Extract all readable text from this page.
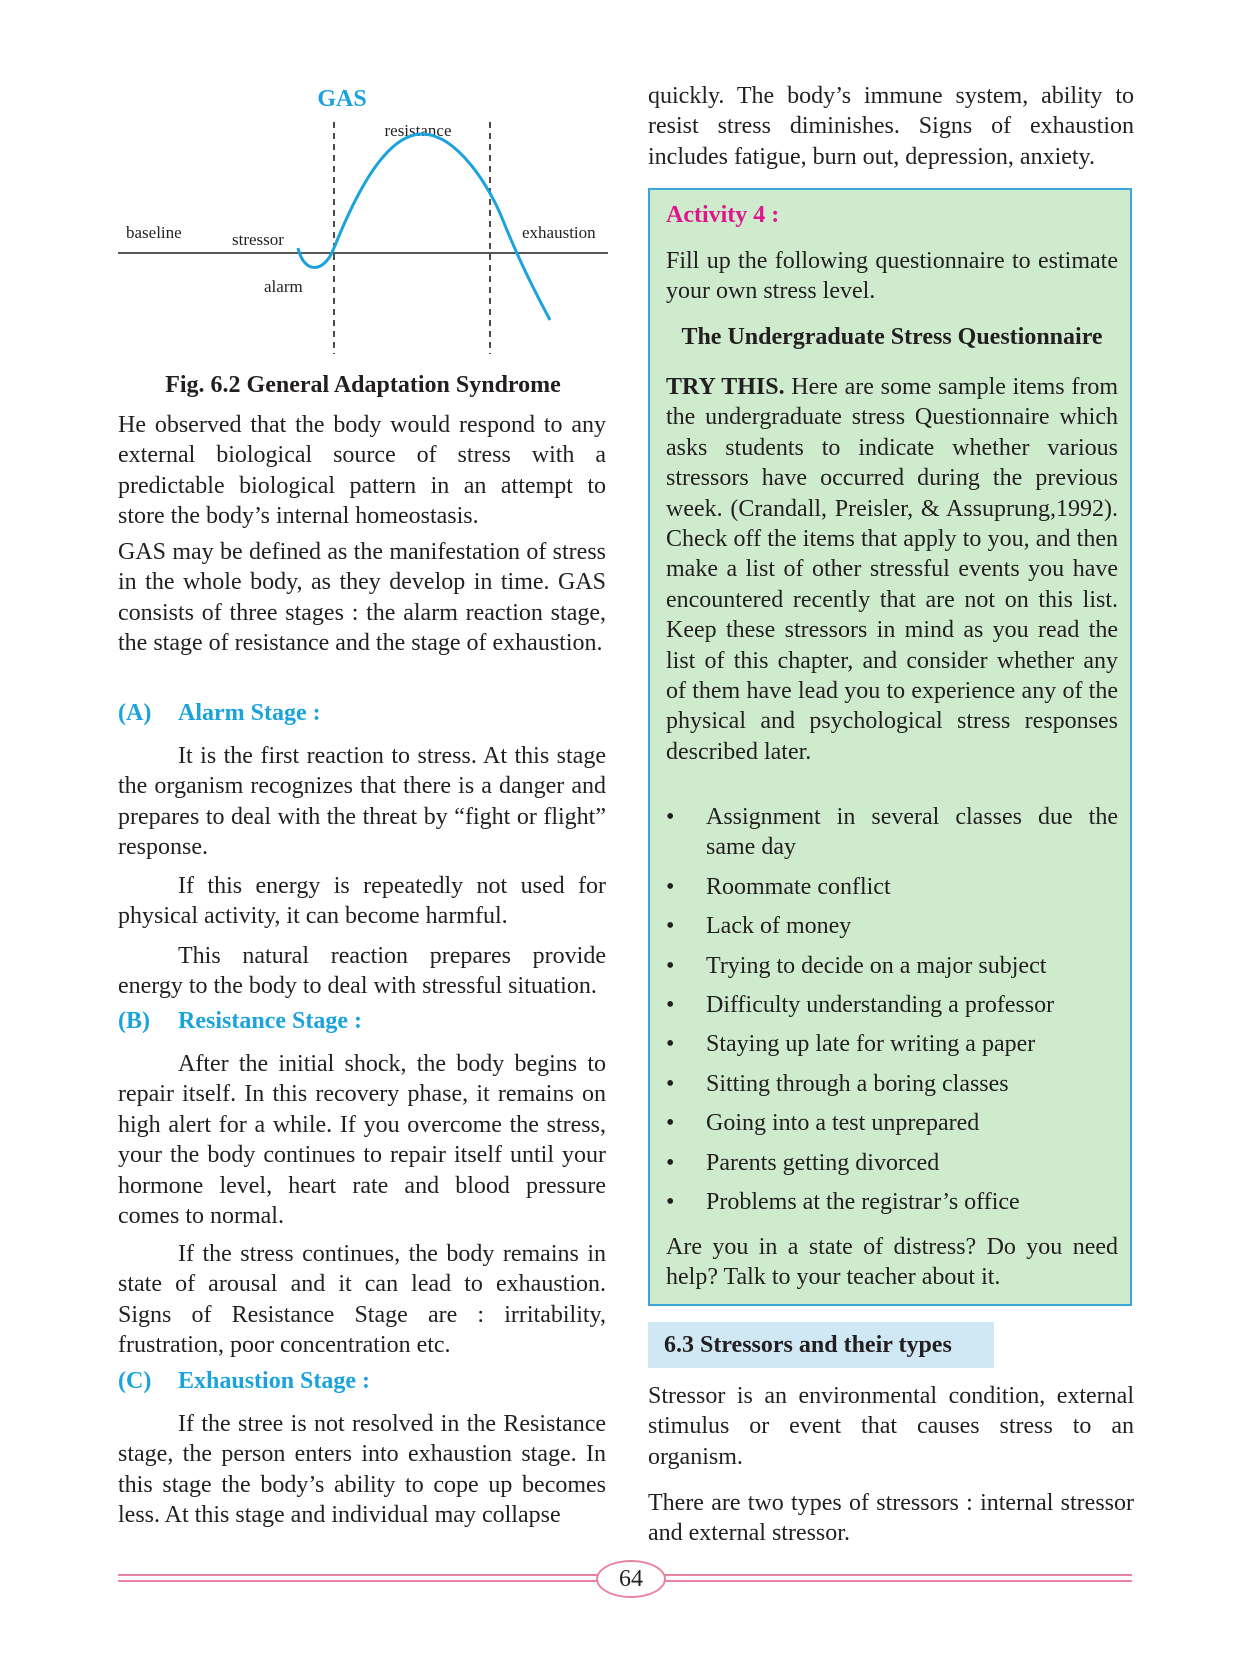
GAS
resistance
baseline	stressor
alarm
exhaustion
Fig. 6.2 General Adaptation Syndrome

He observed that the body would respond to any external biological source of stress with a predictable biological pattern in an attempt to store the body’s internal homeostasis.

GAS may be defined as the manifestation of stress in the whole body, as they develop in time. GAS consists of three stages : the alarm reaction stage, the stage of resistance and the stage of exhaustion.

(A) Alarm Stage :

It is the first reaction to stress. At this stage the organism recognizes that there is a danger and prepares to deal with the threat by “fight or flight” response.

If this energy is repeatedly not used for physical activity, it can become harmful.

This natural reaction prepares provide energy to the body to deal with stressful situation.

(B) Resistance Stage :

After the initial shock, the body begins to repair itself. In this recovery phase, it remains on high alert for a while. If you overcome the stress, your the body continues to repair itself until your hormone level, heart rate and blood pressure comes to normal.

If the stress continues, the body remains in state of arousal and it can lead to exhaustion. Signs of Resistance Stage are : irritability, frustration, poor concentration etc.

(C) Exhaustion Stage :

If the stree is not resolved in the Resistance stage, the person enters into exhaustion stage. In this stage the body’s ability to cope up becomes less. At this stage and individual may collapse

quickly. The body’s immune system, ability to resist stress diminishes. Signs of exhaustion includes fatigue, burn out, depression, anxiety.

Activity 4 :

Fill up the following questionnaire to estimate your own stress level.

The Undergraduate Stress Questionnaire

TRY THIS. Here are some sample items from the undergraduate stress Questionnaire which asks students to indicate whether various stressors have occurred during the previous week. (Crandall, Preisler, & Assuprung,1992). Check off the items that apply to you, and then make a list of other stressful events you have encountered recently that are not on this list. Keep these stressors in mind as you read the list of this chapter, and consider whether any of them have lead you to experience any of the physical and psychological stress responses described later.

• Assignment in several classes due the same day
• Roommate conflict
• Lack of money
• Trying to decide on a major subject
• Difficulty understanding a professor
• Staying up late for writing a paper
• Sitting through a boring classes
• Going into a test unprepared
• Parents getting divorced
• Problems at the registrar’s office

Are you in a state of distress? Do you need help? Talk to your teacher about it.

6.3 Stressors and their types

Stressor is an environmental condition, external stimulus or event that causes stress to an organism.

There are two types of stressors : internal stressor and external stressor.

64
